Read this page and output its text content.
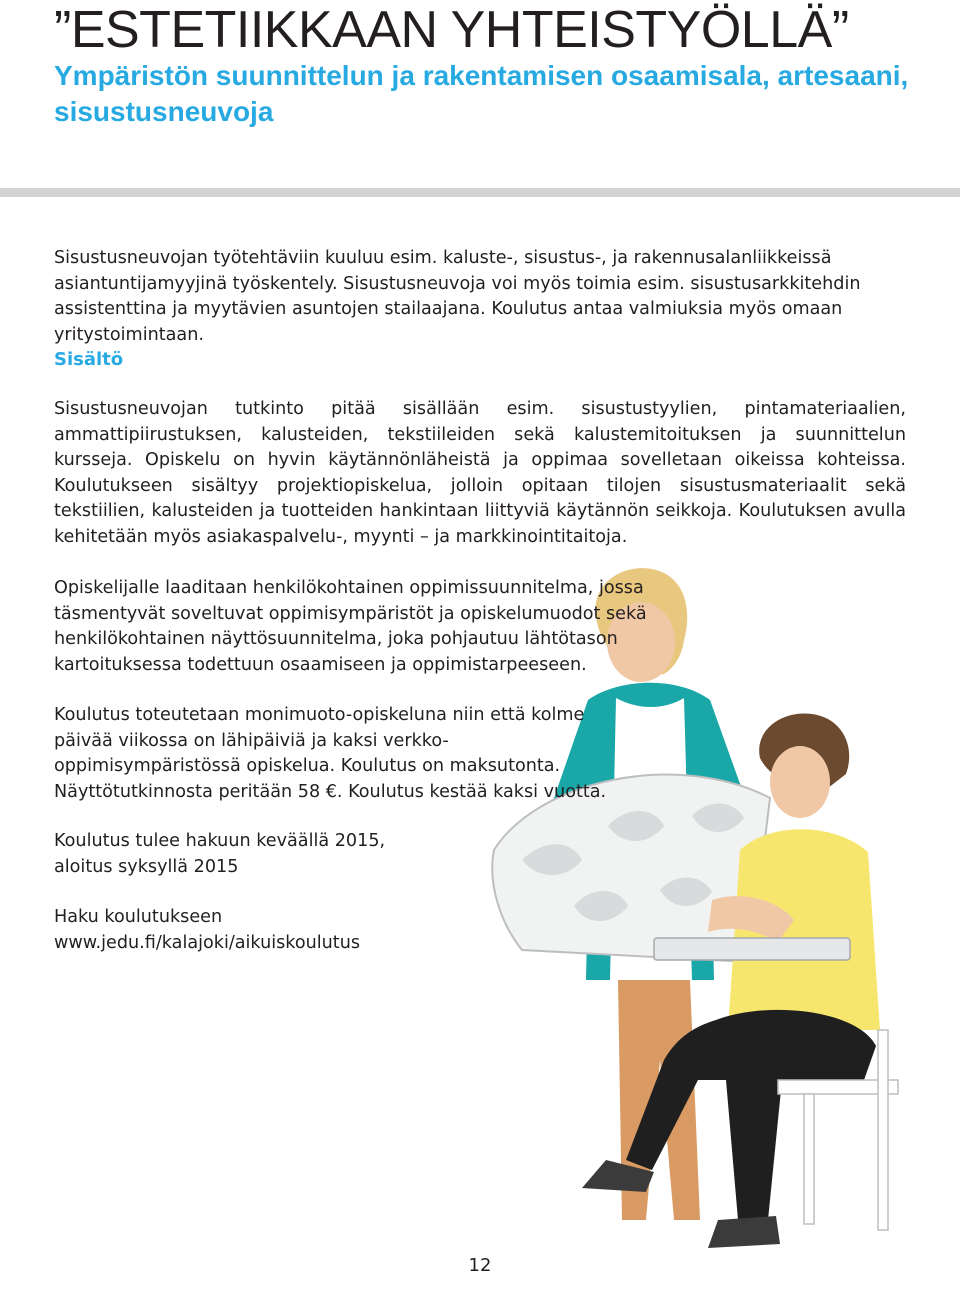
”ESTETIIKKAAN YHTEISTYÖLLÄ”
Ympäristön suunnittelun ja rakentamisen osaamisala, artesaani, sisustusneuvoja

Sisustusneuvojan työtehtäviin kuuluu esim. kaluste-, sisustus-, ja rakennusalanliikkeissä asiantuntijamyyjinä työskentely. Sisustusneuvoja voi myös toimia esim. sisustusarkkitehdin assistenttina ja myytävien asuntojen stailaajana. Koulutus antaa valmiuksia myös omaan yritystoimintaan.

Sisältö

Sisustusneuvojan tutkinto pitää sisällään esim. sisustustyylien, pintamateriaalien, ammattipiirustuksen, kalusteiden, tekstiileiden sekä kalustemitoituksen ja suunnittelun kursseja. Opiskelu on hyvin käytännönläheistä ja oppimaa sovelletaan oikeissa kohteissa. Koulutukseen sisältyy projektiopiskelua, jolloin opitaan tilojen sisustusmateriaalit sekä tekstiilien, kalusteiden ja tuotteiden hankintaan liittyviä käytännön seikkoja. Koulutuksen avulla kehitetään myös asiakaspalvelu-, myynti – ja markkinointitaitoja.

Opiskelijalle laaditaan henkilökohtainen oppimissuunnitelma, jossa täsmentyvät soveltuvat oppimisympäristöt ja opiskelumuodot sekä henkilökohtainen näyttösuunnitelma, joka pohjautuu lähtötason kartoituksessa todettuun osaamiseen ja oppimistarpeeseen.

Koulutus toteutetaan monimuoto-opiskeluna niin että kolme päivää viikossa on lähipäiviä ja kaksi verkko-oppimisympäristössä opiskelua. Koulutus on maksutonta. Näyttötutkinnosta peritään 58 €. Koulutus kestää kaksi vuotta.

Koulutus tulee hakuun keväällä 2015,
aloitus syksyllä 2015
Haku koulutukseen
www.jedu.fi/kalajoki/aikuiskoulutus
12
